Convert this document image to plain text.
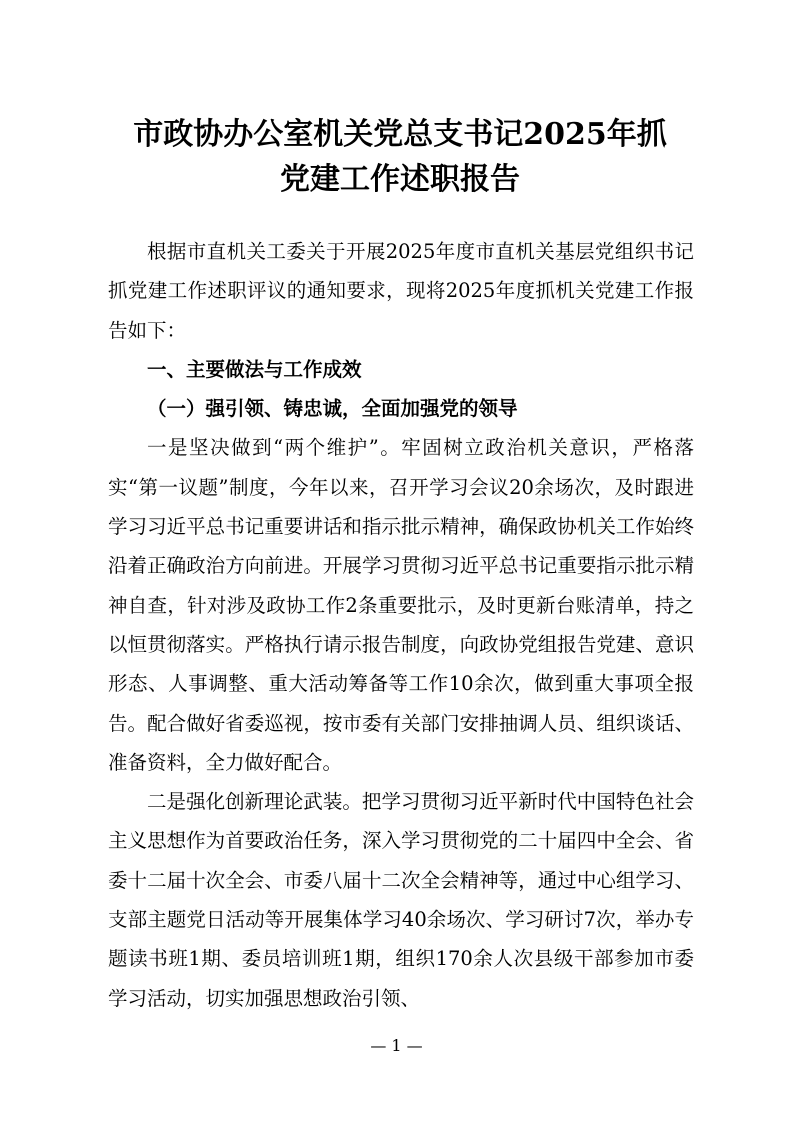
市政协办公室机关党总支书记2025年抓
党建工作述职报告

根据市直机关工委关于开展2025年度市直机关基层党组织书记抓党建工作述职评议的通知要求，现将2025年度抓机关党建工作报告如下：

一、主要做法与工作成效

（一）强引领、铸忠诚，全面加强党的领导

一是坚决做到“两个维护”。牢固树立政治机关意识，严格落实“第一议题”制度，今年以来，召开学习会议20余场次，及时跟进学习习近平总书记重要讲话和指示批示精神，确保政协机关工作始终沿着正确政治方向前进。开展学习贯彻习近平总书记重要指示批示精神自查，针对涉及政协工作2条重要批示，及时更新台账清单，持之以恒贯彻落实。严格执行请示报告制度，向政协党组报告党建、意识形态、人事调整、重大活动筹备等工作10余次，做到重大事项全报告。配合做好省委巡视，按市委有关部门安排抽调人员、组织谈话、准备资料，全力做好配合。

二是强化创新理论武装。把学习贯彻习近平新时代中国特色社会主义思想作为首要政治任务，深入学习贯彻党的二十届四中全会、省委十二届十次全会、市委八届十二次全会精神等，通过中心组学习、支部主题党日活动等开展集体学习40余场次、学习研讨7次，举办专题读书班1期、委员培训班1期，组织170余人次县级干部参加市委学习活动，切实加强思想政治引领、

— 1 —
